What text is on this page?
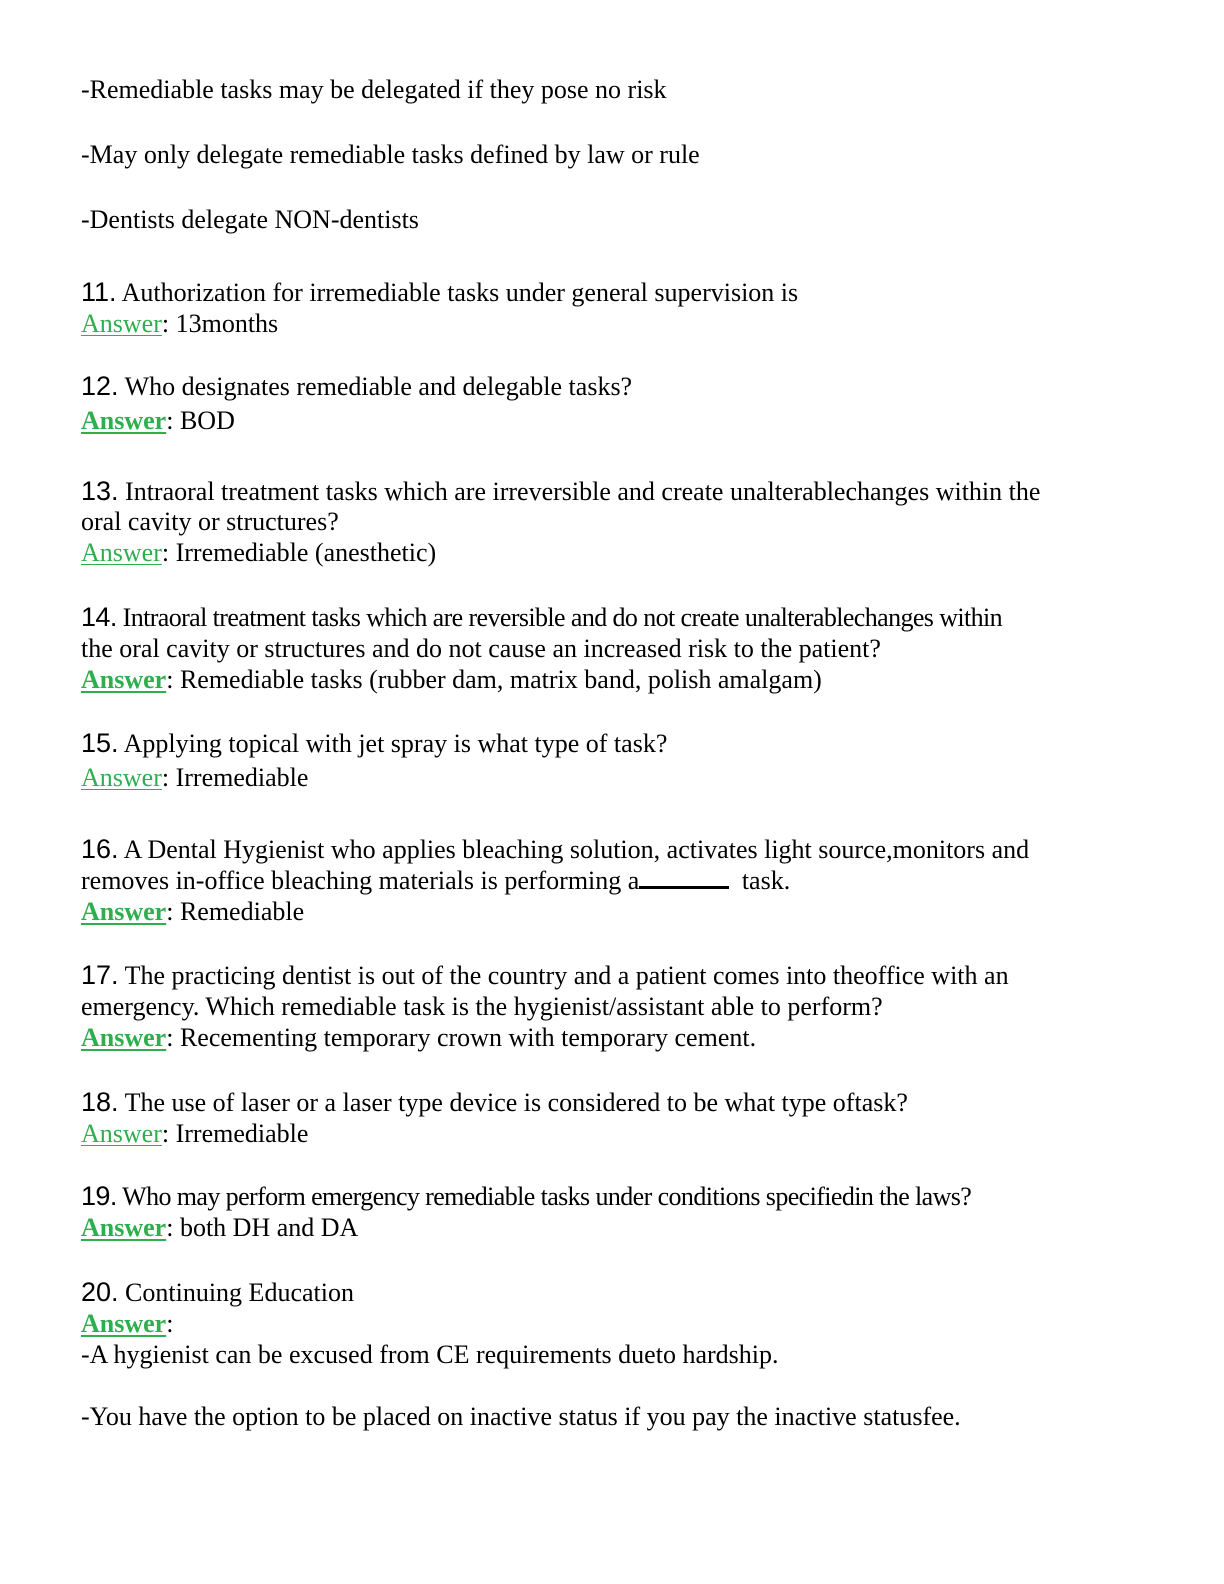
-Remediable tasks may be delegated if they pose no risk
-May only delegate remediable tasks defined by law or rule
-Dentists delegate NON-dentists
11. Authorization for irremediable tasks under general supervision is
Answer: 13months
12. Who designates remediable and delegable tasks?
Answer: BOD
13. Intraoral treatment tasks which are irreversible and create unalterablechanges within the
oral cavity or structures?
Answer: Irremediable (anesthetic)
14. Intraoral treatment tasks which are reversible and do not create unalterablechanges within
the oral cavity or structures and do not cause an increased risk to the patient?
Answer: Remediable tasks (rubber dam, matrix band, polish amalgam)
15. Applying topical with jet spray is what type of task?
Answer: Irremediable
16. A Dental Hygienist who applies bleaching solution, activates light source,monitors and
removes in-office bleaching materials is performing a	task.
Answer: Remediable
17. The practicing dentist is out of the country and a patient comes into theoffice with an
emergency. Which remediable task is the hygienist/assistant able to perform?
Answer: Recementing temporary crown with temporary cement.
18. The use of laser or a laser type device is considered to be what type oftask?
Answer: Irremediable
19. Who may perform emergency remediable tasks under conditions specifiedin the laws?
Answer: both DH and DA
20. Continuing Education
Answer:
-A hygienist can be excused from CE requirements dueto hardship.
-You have the option to be placed on inactive status if you pay the inactive statusfee.
